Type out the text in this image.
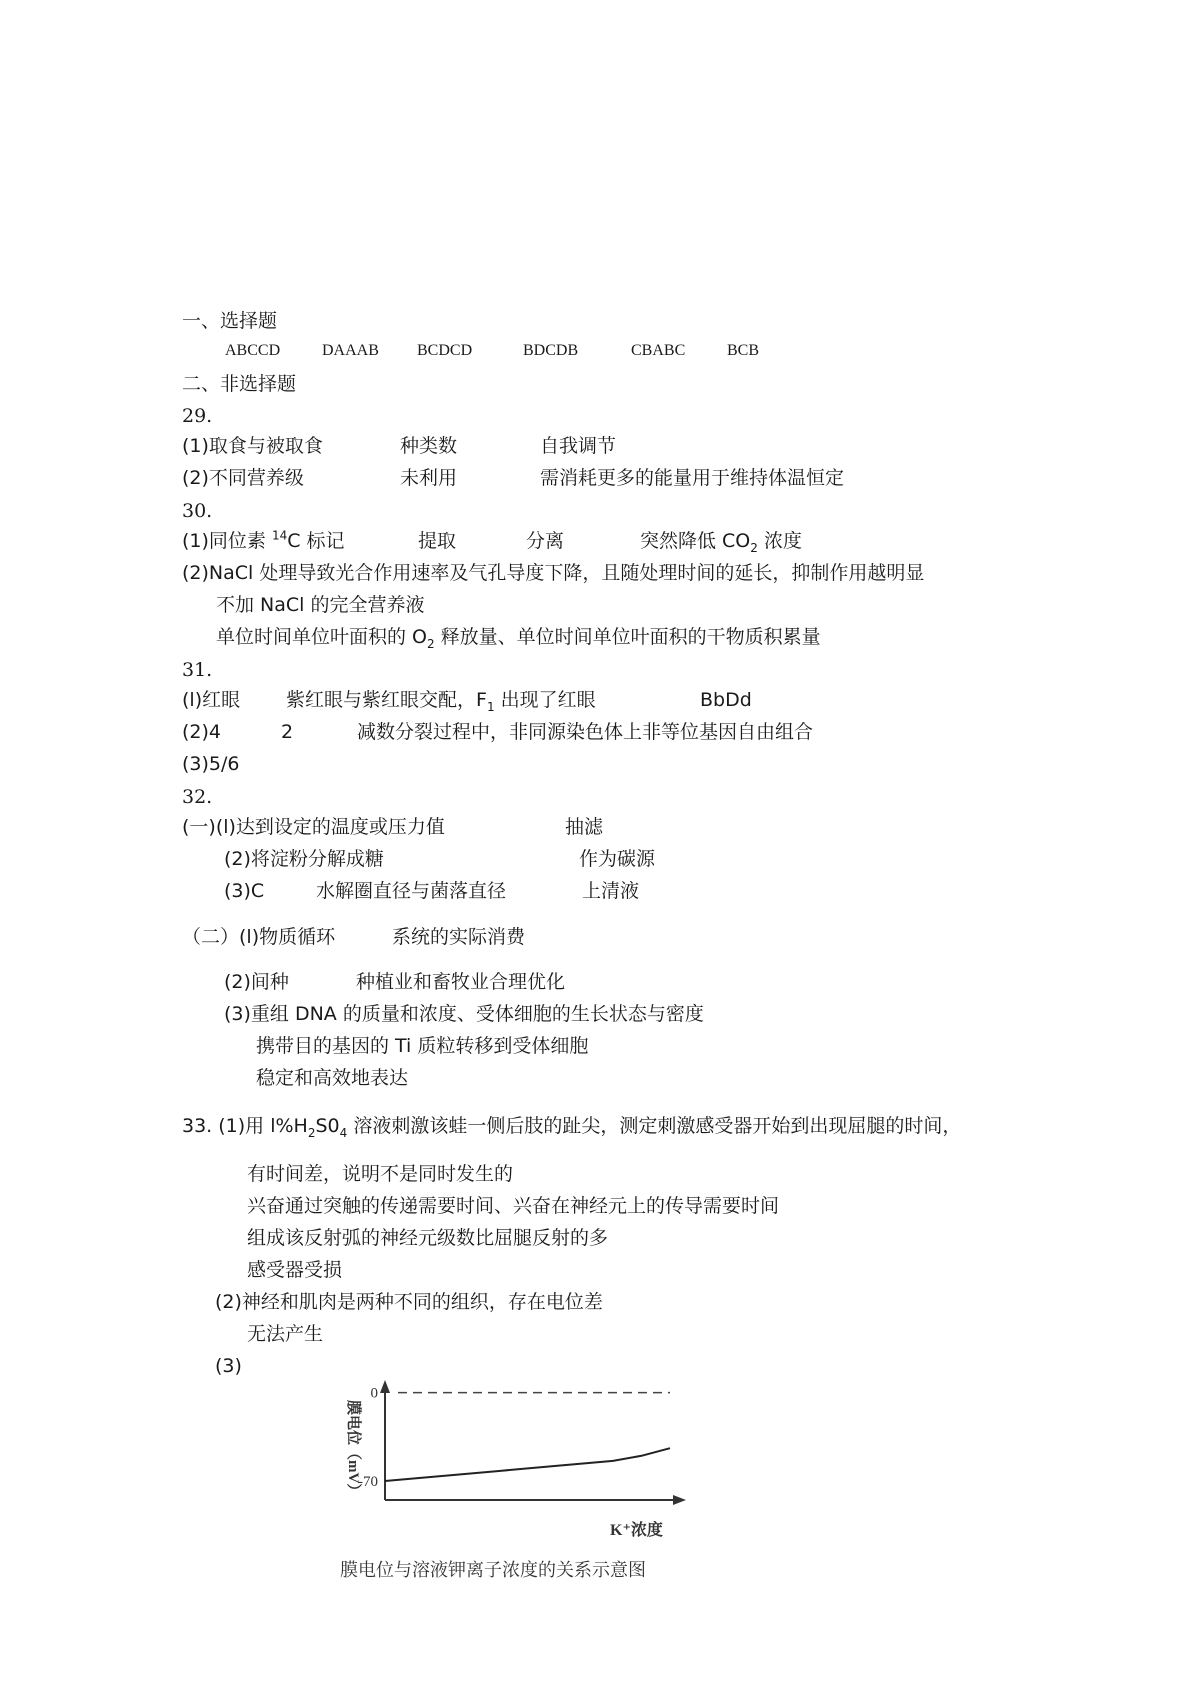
一、选择题
ABCCD	DAAAB BCDCD	BDCDB	CBABC	BCB
二、非选择题
29.
(1)取食与被取食	种类数	自我调节
(2)不同营养级	未利用	需消耗更多的能量用于维持体温恒定
30.
(1)同位素 $^{14}$C 标记	提取	分离	突然降低 $CO_2$ 浓度
(2)NaCl 处理导致光合作用速率及气孔导度下降，且随处理时间的延长，抑制作用越明显
不加 NaCl 的完全营养液
单位时间单位叶面积的 $O_2$ 释放量、单位时间单位叶面积的干物质积累量
31.
(l)红眼 紫红眼与紫红眼交配，$F_1$ 出现了红眼	BbDd
(2)4	2	减数分裂过程中，非同源染色体上非等位基因自由组合
(3)5/6
32.
(一)(l)达到设定的温度或压力值	抽滤
(2)将淀粉分解成糖	作为碳源
(3)C	水解圈直径与菌落直径	上清液
（二）(l)物质循环	系统的实际消费
(2)间种	种植业和畜牧业合理优化
(3)重组 DNA 的质量和浓度、受体细胞的生长状态与密度
携带目的基因的 Ti 质粒转移到受体细胞
稳定和高效地表达
33. (1)用 $l\%H_2S0_4$ 溶液刺激该蛙一侧后肢的趾尖，测定刺激感受器开始到出现屈腿的时间，
有时间差，说明不是同时发生的
兴奋通过突触的传递需要时间、兴奋在神经元上的传导需要时间
组成该反射弧的神经元级数比屈腿反射的多
感受器受损
(2)神经和肌肉是两种不同的组织，存在电位差
无法产生
(3)
膜电位（mV）
K⁺浓度
0
-70
膜电位与溶液钾离子浓度的关系示意图
